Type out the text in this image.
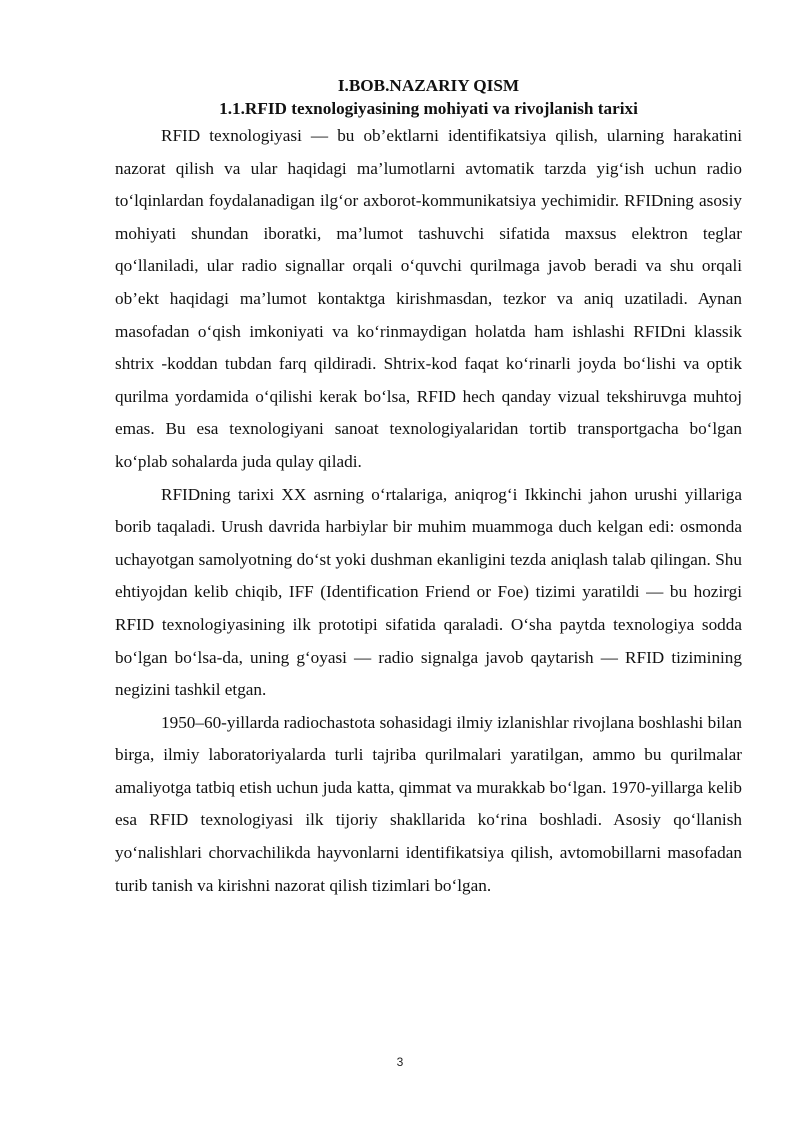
I.BOB.NAZARIY QISM
1.1.RFID texnologiyasining mohiyati va rivojlanish tarixi

RFID texnologiyasi — bu ob’ektlarni identifikatsiya qilish, ularning harakatini nazorat qilish va ular haqidagi ma’lumotlarni avtomatik tarzda yig‘ish uchun radio to‘lqinlardan foydalanadigan ilg‘or axborot-kommunikatsiya yechimidir. RFIDning asosiy mohiyati shundan iboratki, ma’lumot tashuvchi sifatida maxsus elektron teglar qo‘llaniladi, ular radio signallar orqali o‘quvchi qurilmaga javob beradi va shu orqali ob’ekt haqidagi ma’lumot kontaktga kirishmasdan, tezkor va aniq uzatiladi. Aynan masofadan o‘qish imkoniyati va ko‘rinmaydigan holatda ham ishlashi RFIDni klassik shtrix -koddan tubdan farq qildiradi. Shtrix-kod faqat ko‘rinarli joyda bo‘lishi va optik qurilma yordamida o‘qilishi kerak bo‘lsa, RFID hech qanday vizual tekshiruvga muhtoj emas. Bu esa texnologiyani sanoat texnologiyalaridan tortib transportgacha bo‘lgan ko‘plab sohalarda juda qulay qiladi.

RFIDning tarixi XX asrning o‘rtalariga, aniqrog‘i Ikkinchi jahon urushi yillariga borib taqaladi. Urush davrida harbiylar bir muhim muammoga duch kelgan edi: osmonda uchayotgan samolyotning do‘st yoki dushman ekanligini tezda aniqlash talab qilingan. Shu ehtiyojdan kelib chiqib, IFF (Identification Friend or Foe) tizimi yaratildi — bu hozirgi RFID texnologiyasining ilk prototipi sifatida qaraladi. O‘sha paytda texnologiya sodda bo‘lgan bo‘lsa-da, uning g‘oyasi — radio signalga javob qaytarish — RFID tizimining negizini tashkil etgan.

1950–60-yillarda radiochastota sohasidagi ilmiy izlanishlar rivojlana boshlashi bilan birga, ilmiy laboratoriyalarda turli tajriba qurilmalari yaratilgan, ammo bu qurilmalar amaliyotga tatbiq etish uchun juda katta, qimmat va murakkab bo‘lgan. 1970-yillarga kelib esa RFID texnologiyasi ilk tijoriy shakllarida ko‘rina boshladi. Asosiy qo‘llanish yo‘nalishlari chorvachilikda hayvonlarni identifikatsiya qilish, avtomobillarni masofadan turib tanish va kirishni nazorat qilish tizimlari bo‘lgan.

3
